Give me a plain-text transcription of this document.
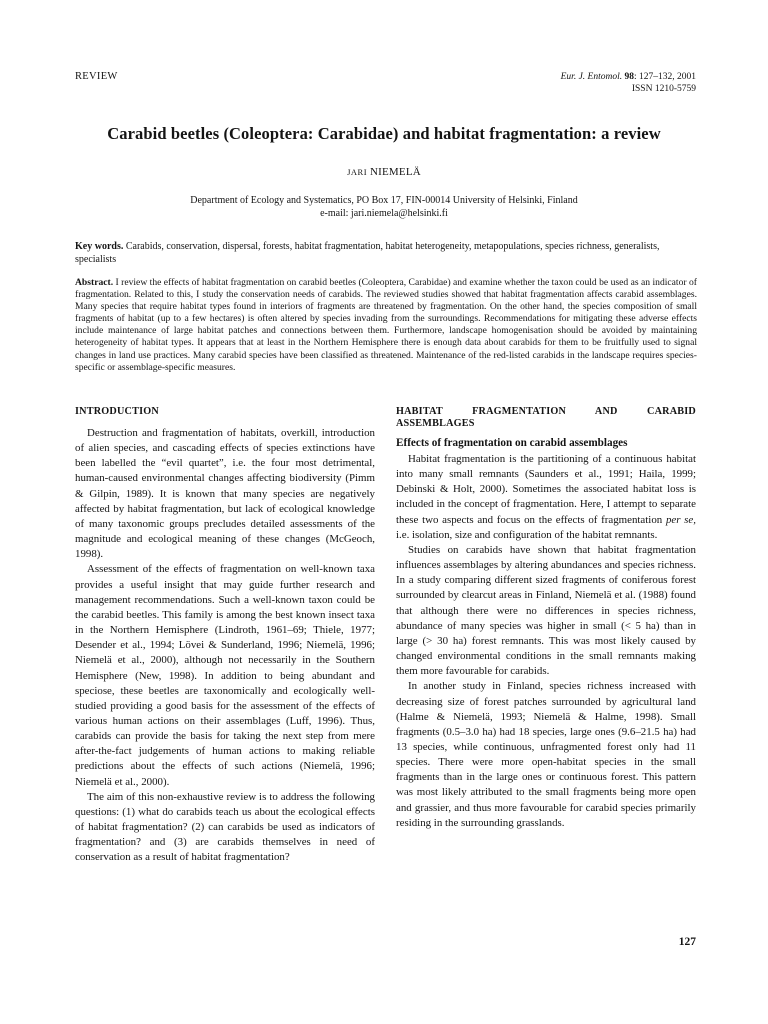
REVIEW	Eur. J. Entomol. 98: 127–132, 2001
ISSN 1210-5759
Carabid beetles (Coleoptera: Carabidae) and habitat fragmentation: a review
JARI NIEMELÄ
Department of Ecology and Systematics, PO Box 17, FIN-00014 University of Helsinki, Finland
e-mail: jari.niemela@helsinki.fi
Key words. Carabids, conservation, dispersal, forests, habitat fragmentation, habitat heterogeneity, metapopulations, species richness, generalists, specialists
Abstract. I review the effects of habitat fragmentation on carabid beetles (Coleoptera, Carabidae) and examine whether the taxon could be used as an indicator of fragmentation. Related to this, I study the conservation needs of carabids. The reviewed studies showed that habitat fragmentation affects carabid assemblages. Many species that require habitat types found in interiors of fragments are threatened by fragmentation. On the other hand, the species composition of small fragments of habitat (up to a few hectares) is often altered by species invading from the surroundings. Recommendations for mitigating these adverse effects include maintenance of large habitat patches and connections between them. Furthermore, landscape homogenisation should be avoided by maintaining heterogeneity of habitat types. It appears that at least in the Northern Hemisphere there is enough data about carabids for them to be fruitfully used to signal changes in land use practices. Many carabid species have been classified as threatened. Maintenance of the red-listed carabids in the landscape requires species-specific or assemblage-specific measures.
INTRODUCTION

Destruction and fragmentation of habitats, overkill, introduction of alien species, and cascading effects of species extinctions have been labelled the “evil quartet”, i.e. the four most detrimental, human-caused environmental changes affecting biodiversity (Pimm & Gilpin, 1989). It is known that many species are negatively affected by habitat fragmentation, but lack of ecological knowledge of many taxonomic groups precludes detailed assessments of the magnitude and ecological meaning of these changes (McGeoch, 1998).

Assessment of the effects of fragmentation on well-known taxa provides a useful insight that may guide further research and management recommendations. Such a well-known taxon could be the carabid beetles. This family is among the best known insect taxa in the Northern Hemisphere (Lindroth, 1961–69; Thiele, 1977; Desender et al., 1994; Lövei & Sunderland, 1996; Niemelä, 1996; Niemelä et al., 2000), although not necessarily in the Southern Hemisphere (New, 1998). In addition to being abundant and speciose, these beetles are taxonomically and ecologically well-studied providing a good basis for the assessment of the effects of various human actions on their assemblages (Luff, 1996). Thus, carabids can provide the basis for taking the next step from mere after-the-fact judgements of human actions to making reliable predictions about the effects of such actions (Niemelä, 1996; Niemelä et al., 2000).

The aim of this non-exhaustive review is to address the following questions: (1) what do carabids teach us about the ecological effects of habitat fragmentation? (2) can carabids be used as indicators of fragmentation? and (3) are carabids themselves in need of conservation as a result of habitat fragmentation?

HABITAT FRAGMENTATION AND CARABID ASSEMBLAGES
Effects of fragmentation on carabid assemblages

Habitat fragmentation is the partitioning of a continuous habitat into many small remnants (Saunders et al., 1991; Haila, 1999; Debinski & Holt, 2000). Sometimes the associated habitat loss is included in the concept of fragmentation. Here, I attempt to separate these two aspects and focus on the effects of fragmentation per se, i.e. isolation, size and configuration of the habitat remnants.

Studies on carabids have shown that habitat fragmentation influences assemblages by altering abundances and species richness. In a study comparing different sized fragments of coniferous forest surrounded by clearcut areas in Finland, Niemelä et al. (1988) found that although there were no differences in species richness, abundance of many species was higher in small (< 5 ha) than in large (> 30 ha) forest remnants. This was most likely caused by changed environmental conditions in the small remnants making them more favourable for carabids.

In another study in Finland, species richness increased with decreasing size of forest patches surrounded by agricultural land (Halme & Niemelä, 1993; Niemelä & Halme, 1998). Small fragments (0.5–3.0 ha) had 18 species, large ones (9.6–21.5 ha) had 13 species, while continuous, unfragmented forest only had 11 species. There were more open-habitat species in the small fragments than in the large ones or continuous forest. This pattern was most likely attributed to the small fragments being more open and grassier, and thus more favourable for carabid species primarily residing in the surrounding grasslands.

127
